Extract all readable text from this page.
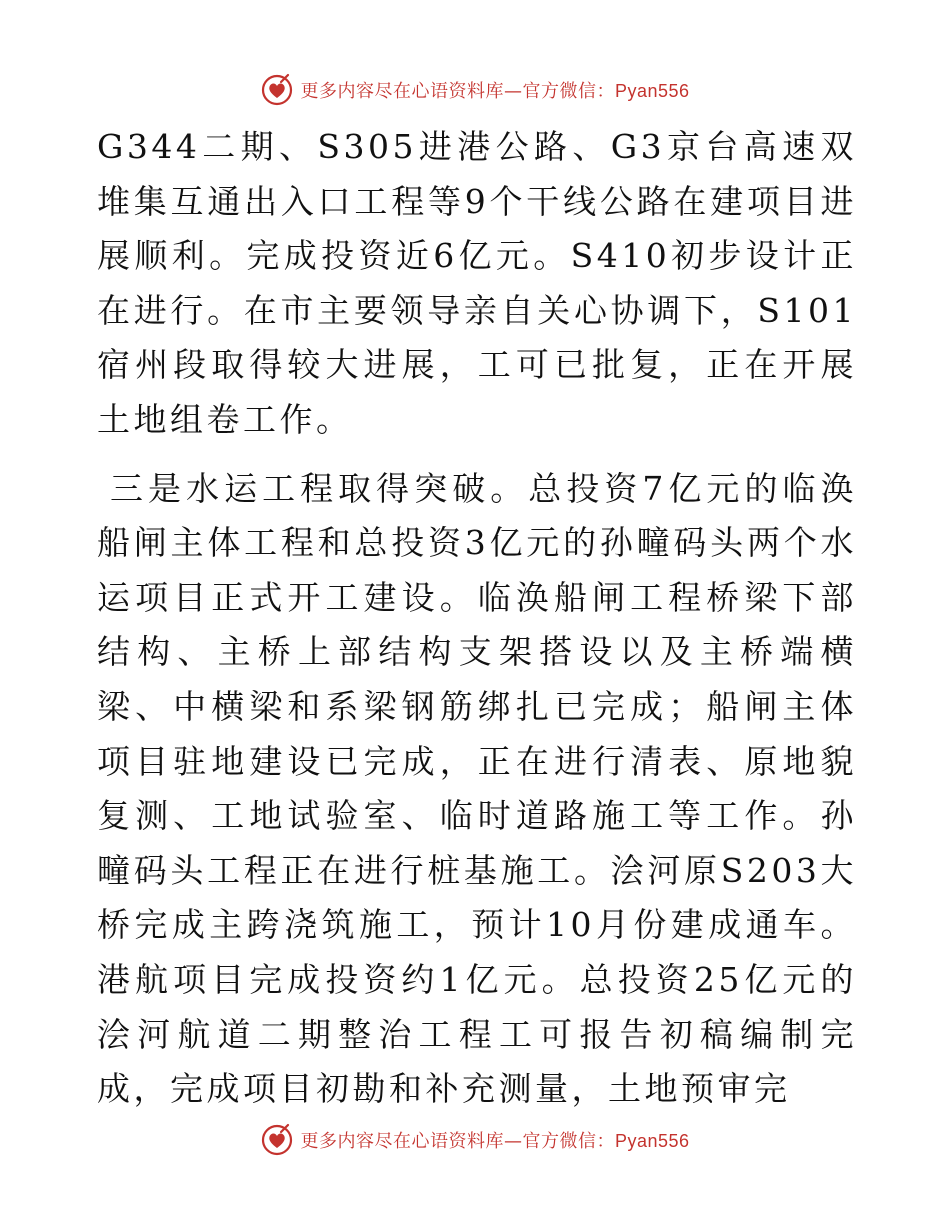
更多内容尽在心语资料库—官方微信：Pyan556

G344二期、S305进港公路、G3京台高速双堆集互通出入口工程等9个干线公路在建项目进展顺利。完成投资近6亿元。S410初步设计正在进行。在市主要领导亲自关心协调下，S101宿州段取得较大进展，工可已批复，正在开展土地组卷工作。

三是水运工程取得突破。总投资7亿元的临涣船闸主体工程和总投资3亿元的孙疃码头两个水运项目正式开工建设。临涣船闸工程桥梁下部结构、主桥上部结构支架搭设以及主桥端横梁、中横梁和系梁钢筋绑扎已完成；船闸主体项目驻地建设已完成，正在进行清表、原地貌复测、工地试验室、临时道路施工等工作。孙疃码头工程正在进行桩基施工。浍河原S203大桥完成主跨浇筑施工，预计10月份建成通车。港航项目完成投资约1亿元。总投资25亿元的浍河航道二期整治工程工可报告初稿编制完成，完成项目初勘和补充测量，土地预审完

更多内容尽在心语资料库—官方微信：Pyan556
